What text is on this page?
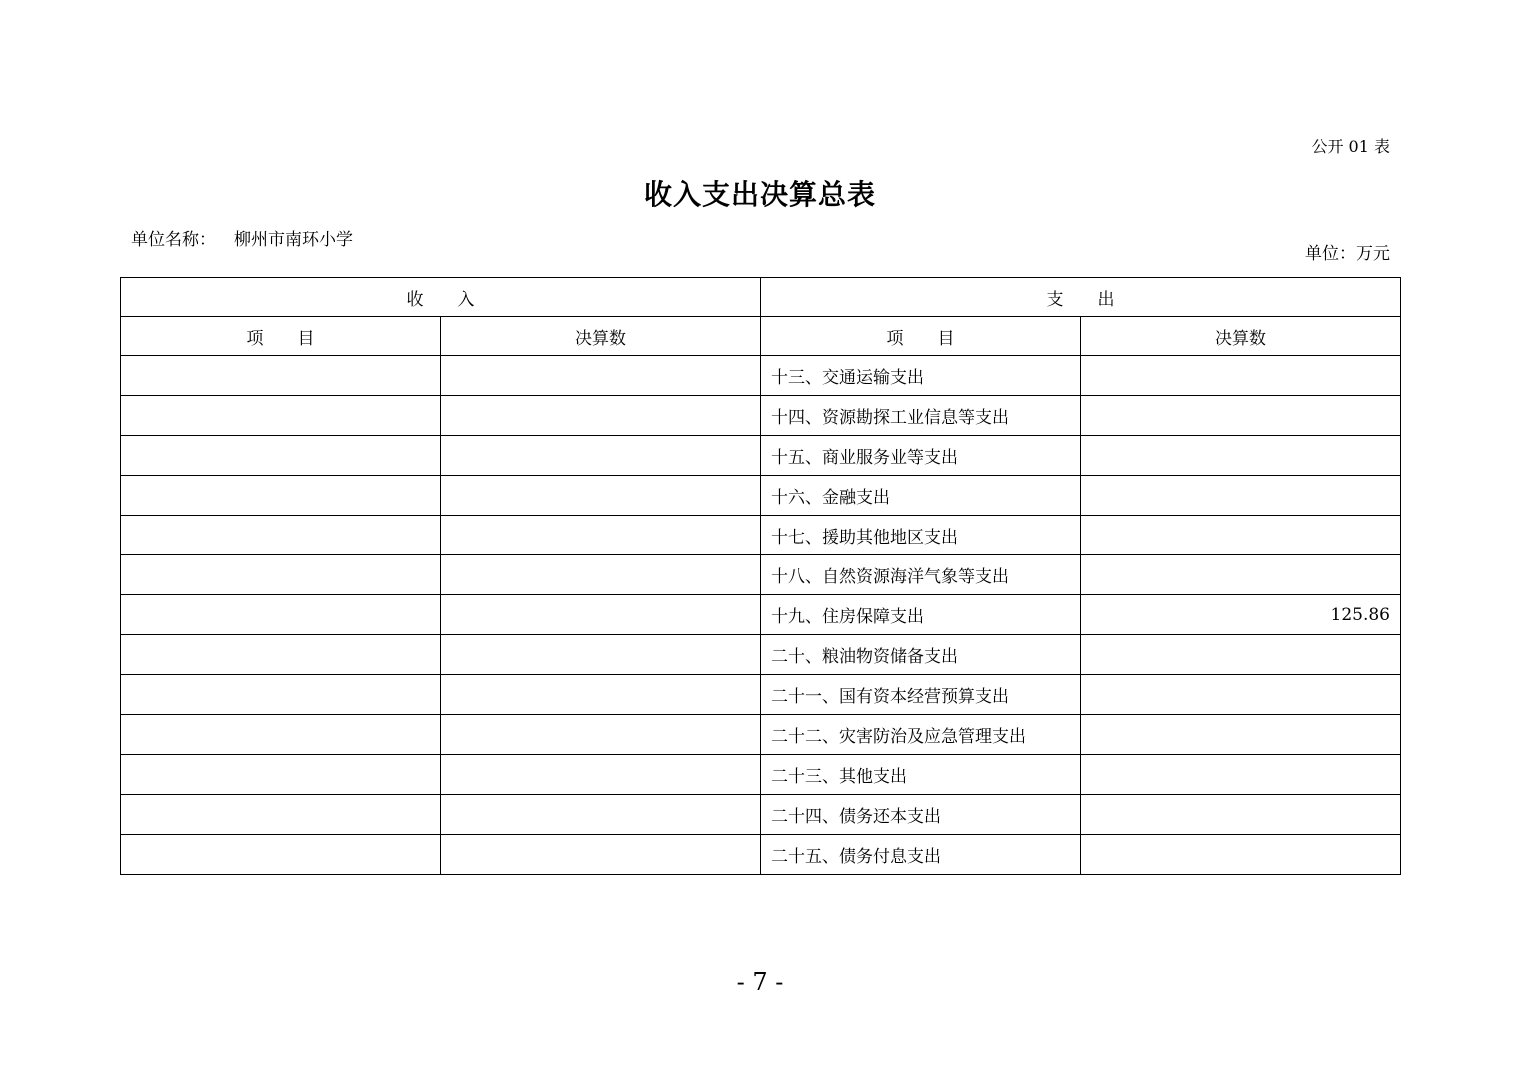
公开 01 表
收入支出决算总表
单位名称： 柳州市南环小学
单位：万元
收　　入		支　　出	
项　　目	决算数	项　　目	决算数
		十三、交通运输支出	
		十四、资源勘探工业信息等支出	
		十五、商业服务业等支出	
		十六、金融支出	
		十七、援助其他地区支出	
		十八、自然资源海洋气象等支出	
		十九、住房保障支出	125.86
		二十、粮油物资储备支出	
		二十一、国有资本经营预算支出	
		二十二、灾害防治及应急管理支出	
		二十三、其他支出	
		二十四、债务还本支出	
		二十五、债务付息支出	
- 7 -
